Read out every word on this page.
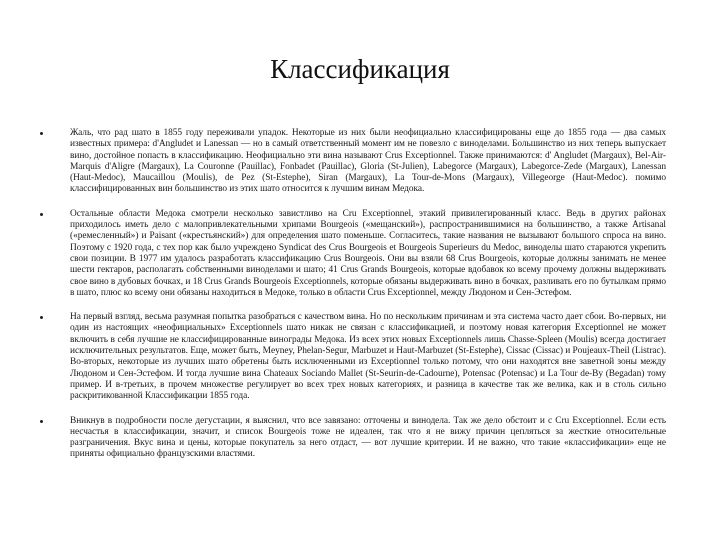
Классификация
Жаль, что рад шато в 1855 году переживали упадок. Некоторые из них были неофициально классифицированы еще до 1855 года — два самых известных примера: d'Angludet и Lanessan — но в самый ответственный момент им не повезло с виноделами. Большинство из них теперь выпускает вино, достойное попасть в классификацию. Неофициально эти вина называют Crus Exceptionnel. Также принимаются: d' Angludet (Margaux), Bel-Air-Marquis d'Aligre (Margaux), La Couronne (Pauillac), Fonbadet (Pauillac), Gloria (St-Julien), Labegorce (Margaux), Labegorce-Zede (Margaux), Lanessan (Haut-Medoc), Maucaillou (Moulis), de Pez (St-Estephe), Siran (Margaux), La Tour-de-Mons (Margaux), Villegeorge (Haut-Medoc). помимо классифицированных вин большинство из этих шато относится к лучшим винам Медока.
Остальные области Медока смотрели несколько завистливо на Cru Exceptionnel, этакий привилегированный класс. Ведь в других районах приходилось иметь дело с малопривлекательными хрипами Bourgeois («мещанский»), распространившимися на большинство, а также Artisanal («ремесленный») и Paisant («крестьянский») для определения шато поменьше. Согласитесь, такие названия не вызывают большого спроса на вино. Поэтому с 1920 года, с тех пор как было учреждено Syndicat des Crus Bourgeois et Bourgeois Superieurs du Medoc, виноделы шато стараются укрепить свои позиции. В 1977 им удалось разработать классификацию Crus Bourgeois. Они вы взяли 68 Crus Bourgeois, которые должны занимать не менее шести гектаров, располагать собственными виноделами и шато; 41 Crus Grands Bourgeois, которые вдобавок ко всему прочему должны выдерживать свое вино в дубовых бочках, и 18 Crus Grands Bourgeois Exceptionnels, которые обязаны выдерживать вино в бочках, разливать его по бутылкам прямо в шато, плюс ко всему они обязаны находиться в Медоке, только в области Crus Exceptionnel, между Людоном и Сен-Эстефом.
На первый взгляд, весьма разумная попытка разобраться с качеством вина. Но по нескольким причинам и эта система часто дает сбои. Во-первых, ни один из настоящих «неофициальных» Exceptionnels шато никак не связан с классификацией, и поэтому новая категория Exceptionnel не может включить в себя лучшие не классифицированные винограды Медока. Из всех этих новых Exceptionnels лишь Chasse-Spleen (Moulis) всегда достигает исключительных результатов. Еще, может быть, Meyney, Phelan-Segur, Marbuzet и Haut-Marbuzet (St-Estephe), Cissac (Cissac) и Poujeaux-Theil (Listrac). Во-вторых, некоторые из лучших шато обретены быть исключенными из Exceptionnel только потому, что они находятся вне заветной зоны между Людоном и Сен-Эстефом. И тогда лучшие вина Chateaux Sociando Mallet (St-Seurin-de-Cadourne), Potensac (Potensac) и La Tour de-By (Begadan) тому пример. И в-третьих, в прочем множестве регулирует во всех трех новых категориях, и разница в качестве так же велика, как и в столь сильно раскритикованной Классификации 1855 года.
Вникнув в подробности после дегустации, я выяснил, что все завязано: отточены и винодела. Так же дело обстоит и с Cru Exceptionnel. Если есть несчастья в классификации, значит, и список Bourgeois тоже не идеален, так что я не вижу причин цепляться за жесткие относительные разграничения. Вкус вина и цены, которые покупатель за него отдаст, — вот лучшие критерии. И не важно, что такие «классификации» еще не приняты официально французскими властями.
